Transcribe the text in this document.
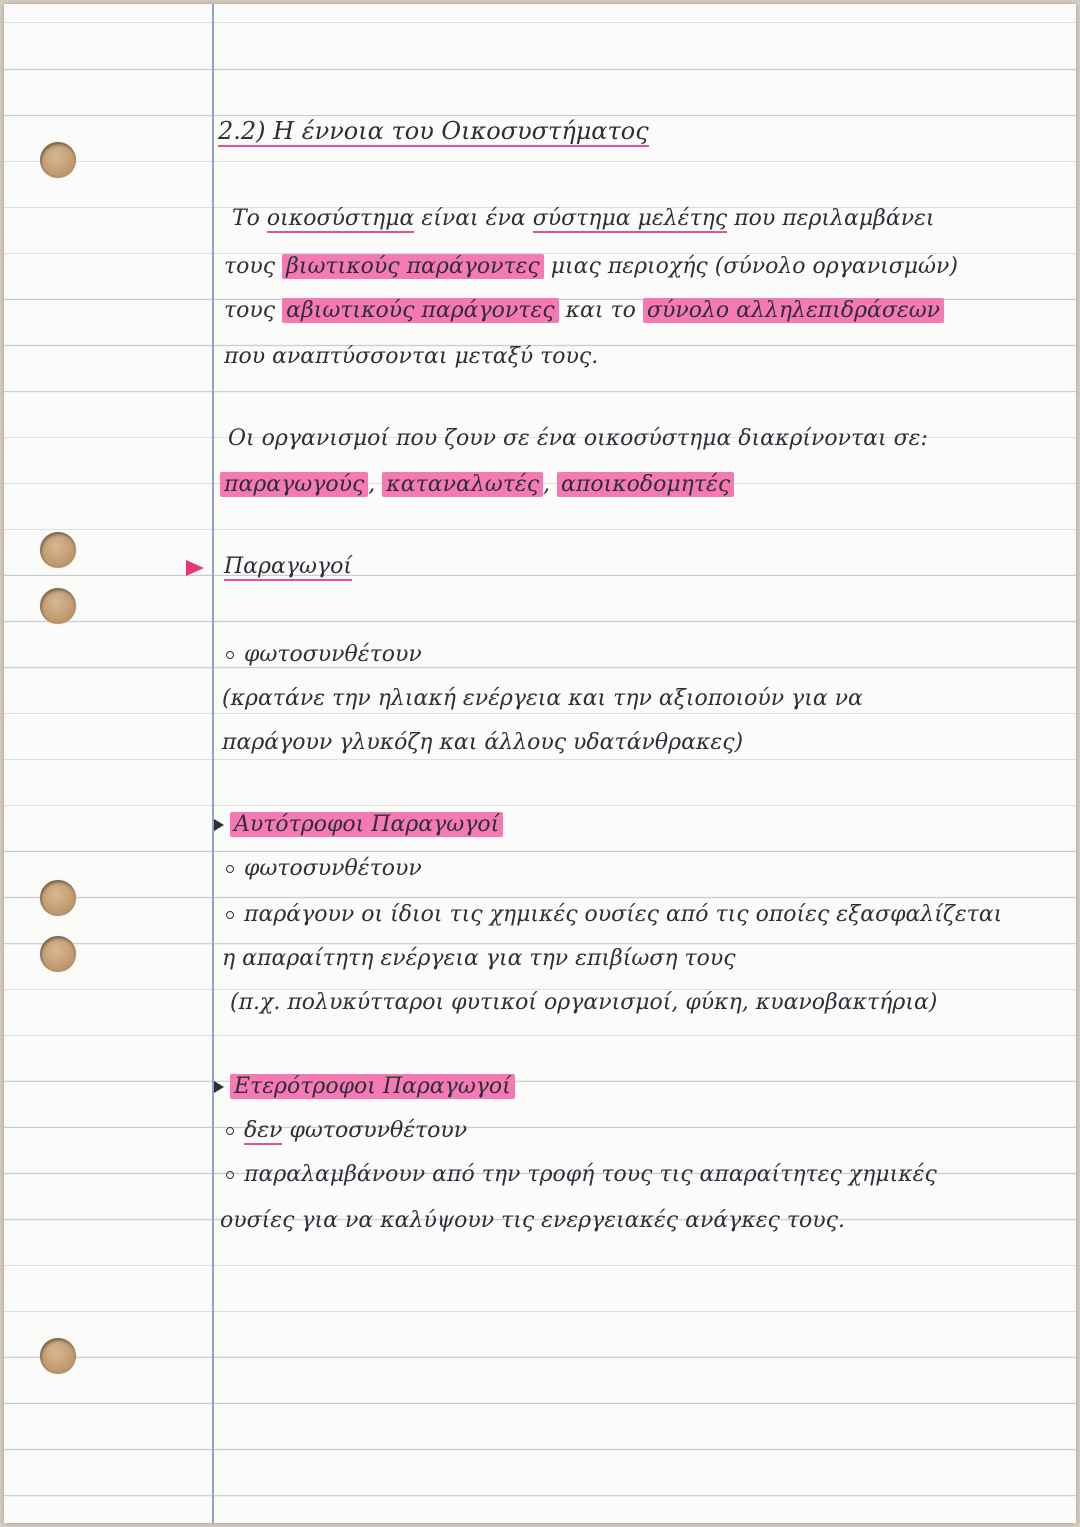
2.2) Η έννοια του Οικοσυστήματος
Το οικοσύστημα είναι ένα σύστημα μελέτης που περιλαμβάνει
τους βιωτικούς παράγοντες μιας περιοχής (σύνολο οργανισμών)
τους αβιωτικούς παράγοντες και το σύνολο αλληλεπιδράσεων
που αναπτύσσονται μεταξύ τους.
Οι οργανισμοί που ζουν σε ένα οικοσύστημα διακρίνονται σε:
παραγωγούς , καταναλωτές , αποικοδομητές
Παραγωγοί
φωτοσυνθέτουν
(κρατάνε την ηλιακή ενέργεια και την αξιοποιούν για να
παράγουν γλυκόζη και άλλους υδατάνθρακες)
Αυτότροφοι Παραγωγοί
φωτοσυνθέτουν
παράγουν οι ίδιοι τις χημικές ουσίες από τις οποίες εξασφαλίζεται
η απαραίτητη ενέργεια για την επιβίωση τους
(π.χ. πολυκύτταροι φυτικοί οργανισμοί, φύκη, κυανοβακτήρια)
Ετερότροφοι Παραγωγοί
δεν φωτοσυνθέτουν
παραλαμβάνουν από την τροφή τους τις απαραίτητες χημικές
ουσίες για να καλύψουν τις ενεργειακές ανάγκες τους.
